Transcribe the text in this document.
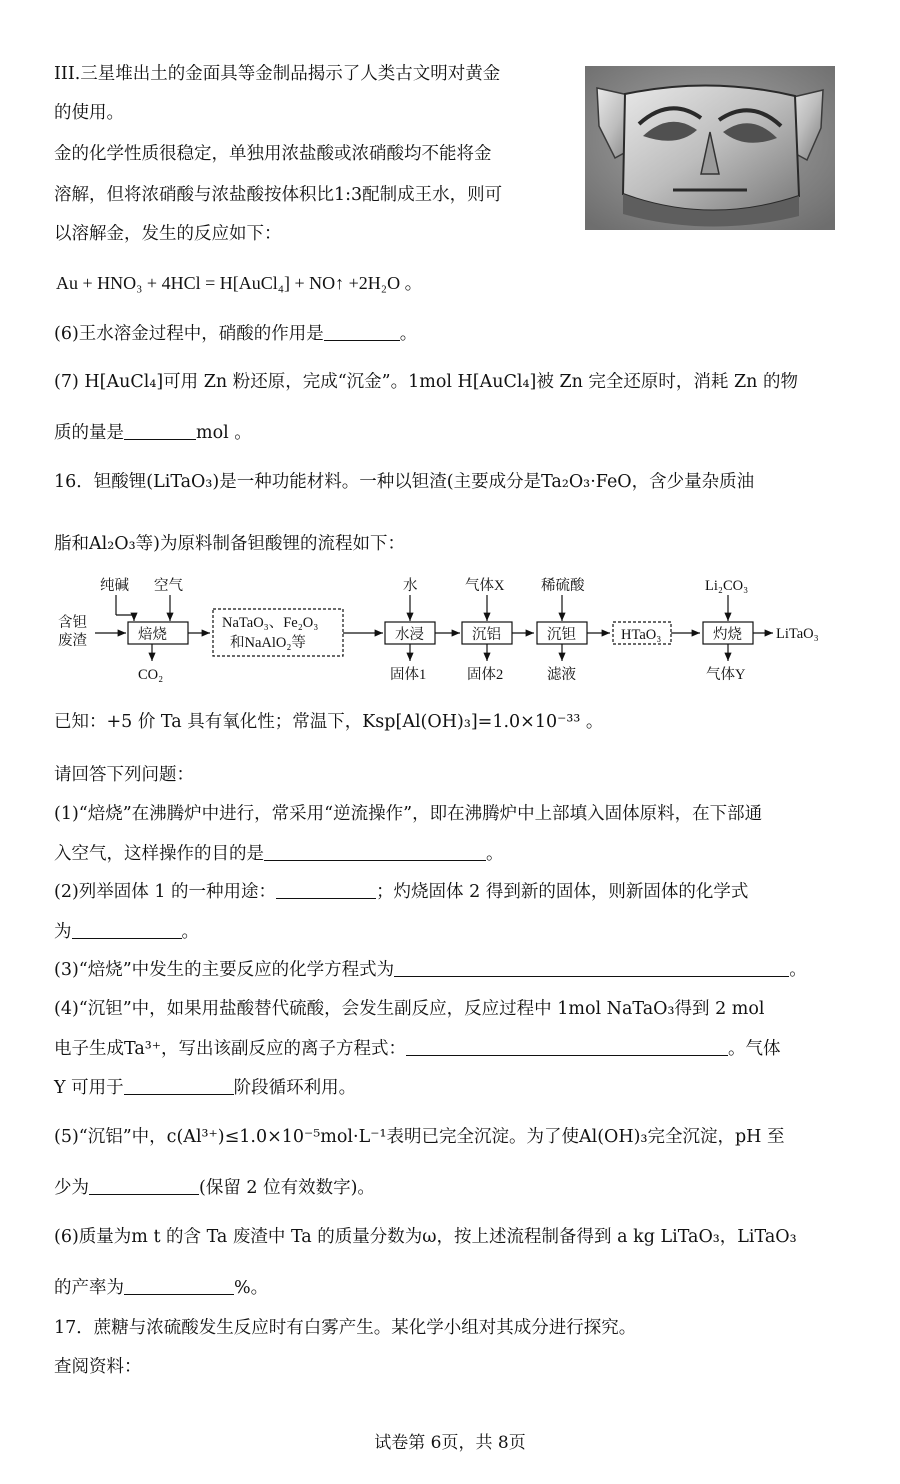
III.三星堆出土的金面具等金制品揭示了人类古文明对黄金
的使用。
金的化学性质很稳定，单独用浓盐酸或浓硝酸均不能将金
溶解，但将浓硝酸与浓盐酸按体积比1:3配制成王水，则可
以溶解金，发生的反应如下：
Au + HNO₃ + 4HCl = H[AuCl₄] + NO↑ +2H₂O 。
(6)王水溶金过程中，硝酸的作用是	。
(7) H[AuCl₄]可用 Zn 粉还原，完成“沉金”。1mol H[AuCl₄]被 Zn 完全还原时，消耗 Zn 的物
质的量是	mol 。
16．钽酸锂(LiTaO₃)是一种功能材料。一种以钽渣(主要成分是Ta₂O₃·FeO，含少量杂质油
脂和Al₂O₃等)为原料制备钽酸锂的流程如下：
含钽
废渣
纯碱 空气
焙烧
CO₂
NaTaO₃、Fe₂O₃
和NaAlO₂等
水
水浸
固体1
气体X
沉铝
固体2
稀硫酸
沉钽
滤液
HTaO₃
Li₂CO₃
灼烧
气体Y
LiTaO₃
已知：+5 价 Ta 具有氧化性；常温下，Ksp[Al(OH)₃]=1.0×10⁻³³ 。
请回答下列问题：
(1)“焙烧”在沸腾炉中进行，常采用“逆流操作”，即在沸腾炉中上部填入固体原料，在下部通
入空气，这样操作的目的是	。
(2)列举固体 1 的一种用途：	；灼烧固体 2 得到新的固体，则新固体的化学式
为	。
(3)“焙烧”中发生的主要反应的化学方程式为	。
(4)“沉钽”中，如果用盐酸替代硫酸，会发生副反应，反应过程中 1mol NaTaO₃得到 2 mol
电子生成Ta³⁺，写出该副反应的离子方程式：	。气体
Y 可用于	阶段循环利用。
(5)“沉铝”中，c(Al³⁺)≤1.0×10⁻⁵mol·L⁻¹表明已完全沉淀。为了使Al(OH)₃完全沉淀，pH 至
少为	(保留 2 位有效数字)。
(6)质量为m t 的含 Ta 废渣中 Ta 的质量分数为ω，按上述流程制备得到 a kg LiTaO₃，LiTaO₃
的产率为	%。
17．蔗糖与浓硫酸发生反应时有白雾产生。某化学小组对其成分进行探究。
查阅资料：
试卷第 6页，共 8页
